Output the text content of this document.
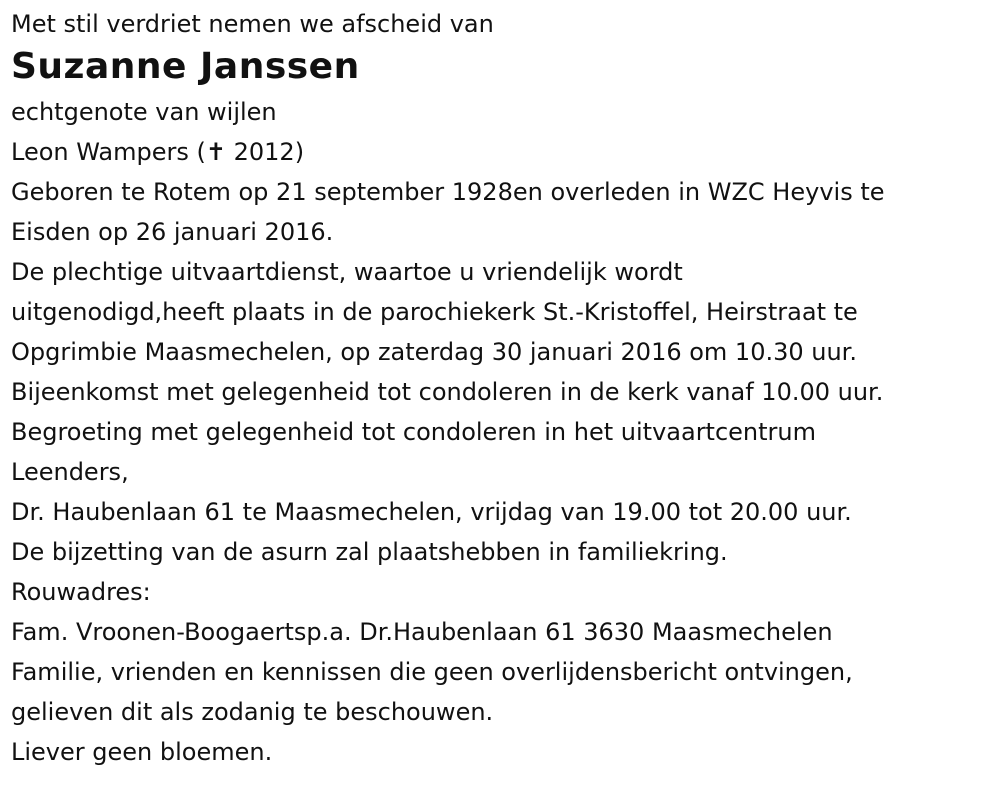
Met stil verdriet nemen we afscheid van
Suzanne Janssen
echtgenote van wijlen
Leon Wampers (✝ 2012)
Geboren te Rotem op 21 september 1928en overleden in WZC Heyvis te
Eisden op 26 januari 2016.
De plechtige uitvaartdienst, waartoe u vriendelijk wordt
uitgenodigd,heeft plaats in de parochiekerk St.-Kristoffel, Heirstraat te
Opgrimbie Maasmechelen, op zaterdag 30 januari 2016 om 10.30 uur.
Bijeenkomst met gelegenheid tot condoleren in de kerk vanaf 10.00 uur.
Begroeting met gelegenheid tot condoleren in het uitvaartcentrum
Leenders,
Dr. Haubenlaan 61 te Maasmechelen, vrijdag van 19.00 tot 20.00 uur.
De bijzetting van de asurn zal plaatshebben in familiekring.
Rouwadres:
Fam. Vroonen-Boogaertsp.a. Dr.Haubenlaan 61 3630 Maasmechelen
Familie, vrienden en kennissen die geen overlijdensbericht ontvingen,
gelieven dit als zodanig te beschouwen.
Liever geen bloemen.
